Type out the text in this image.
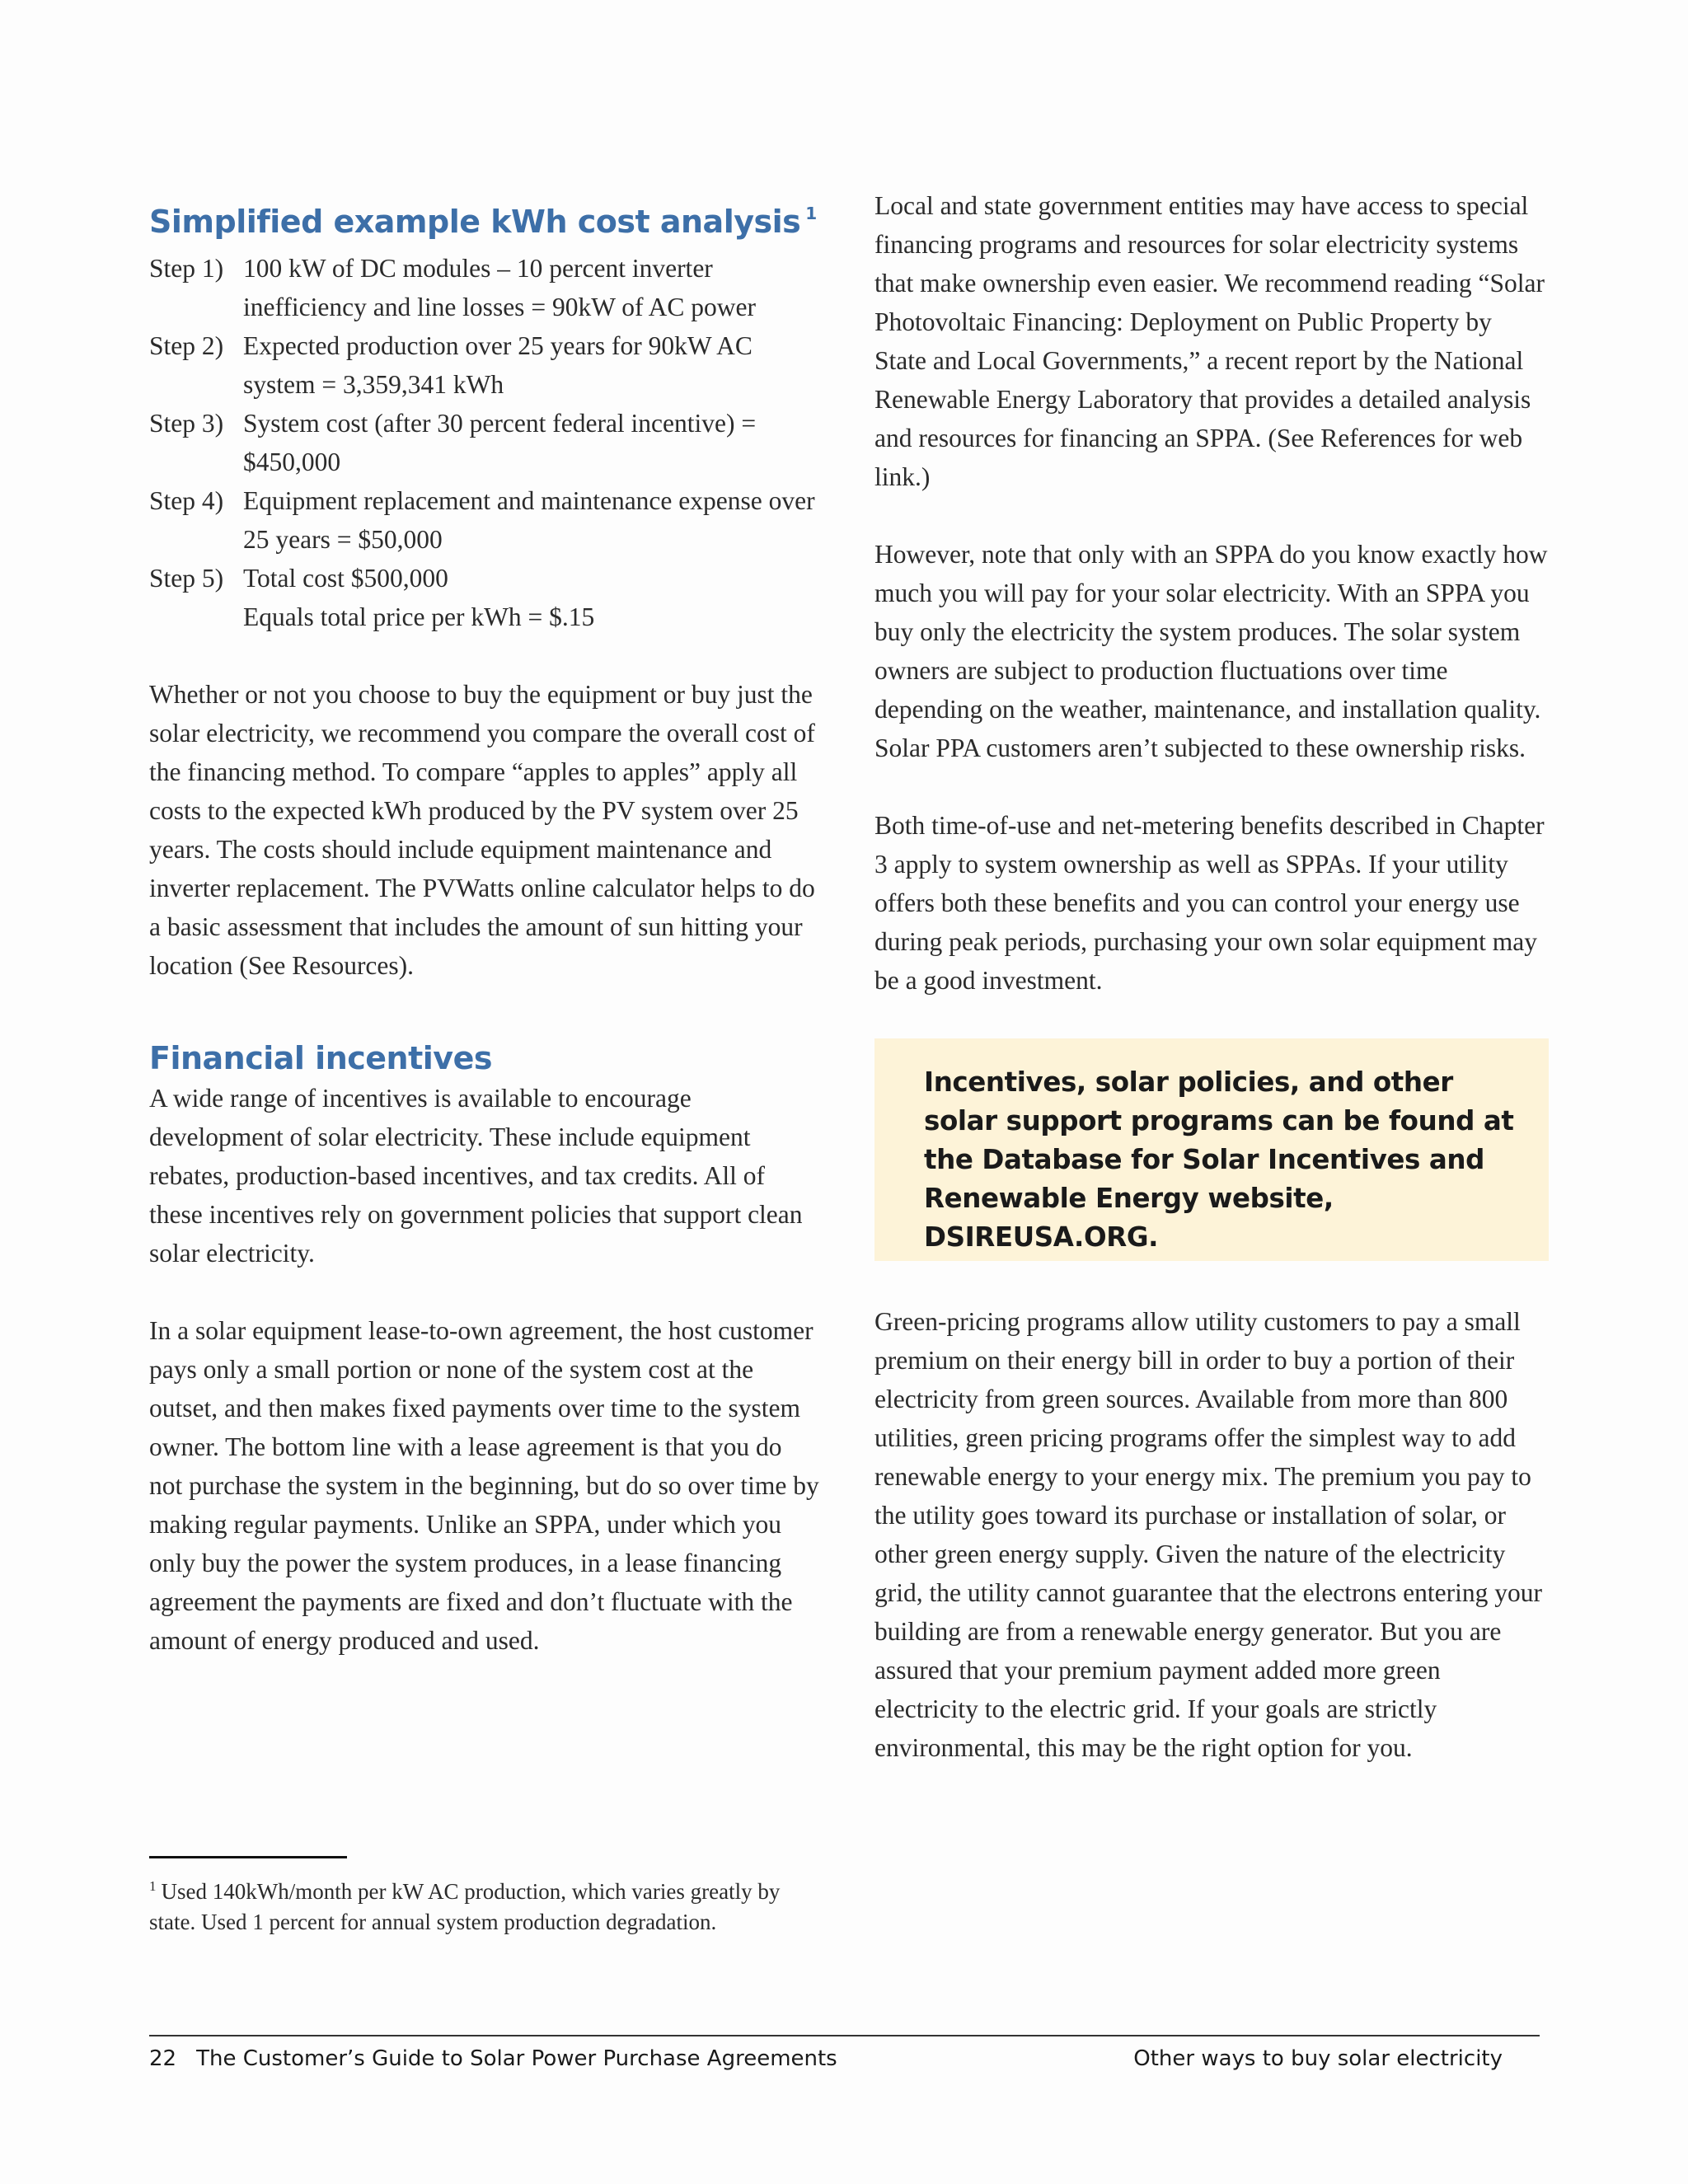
Simplified example kWh cost analysis $^1$
Step 1) 100 kW of DC modules – 10 percent inverter inefficiency and line losses = 90kW of AC power
Step 2) Expected production over 25 years for 90kW AC system = 3,359,341 kWh
Step 3) System cost (after 30 percent federal incentive) = $450,000
Step 4) Equipment replacement and maintenance expense over 25 years = $50,000
Step 5) Total cost $500,000
Equals total price per kWh = $.15

Whether or not you choose to buy the equipment or buy just the solar electricity, we recommend you compare the overall cost of the financing method. To compare “apples to apples” apply all costs to the expected kWh produced by the PV system over 25 years. The costs should include equipment maintenance and inverter replacement. The PVWatts online calculator helps to do a basic assessment that includes the amount of sun hitting your location (See Resources).

Financial incentives

A wide range of incentives is available to encourage development of solar electricity. These include equipment rebates, production-based incentives, and tax credits. All of these incentives rely on government policies that support clean solar electricity.

In a solar equipment lease-to-own agreement, the host customer pays only a small portion or none of the system cost at the outset, and then makes fixed payments over time to the system owner. The bottom line with a lease agreement is that you do not purchase the system in the beginning, but do so over time by making regular payments. Unlike an SPPA, under which you only buy the power the system produces, in a lease financing agreement the payments are fixed and don’t fluctuate with the amount of energy produced and used.

Local and state government entities may have access to special financing programs and resources for solar electricity systems that make ownership even easier. We recommend reading “Solar Photovoltaic Financing: Deployment on Public Property by State and Local Governments,” a recent report by the National Renewable Energy Laboratory that provides a detailed analysis and resources for financing an SPPA. (See References for web link.)

However, note that only with an SPPA do you know exactly how much you will pay for your solar electricity. With an SPPA you buy only the electricity the system produces. The solar system owners are subject to production fluctuations over time depending on the weather, maintenance, and installation quality. Solar PPA customers aren’t subjected to these ownership risks.

Both time-of-use and net-metering benefits described in Chapter 3 apply to system ownership as well as SPPAs. If your utility offers both these benefits and you can control your energy use during peak periods, purchasing your own solar equipment may be a good investment.

Incentives, solar policies, and other solar support programs can be found at the Database for Solar Incentives and Renewable Energy website, DSIREUSA.ORG.

Green-pricing programs allow utility customers to pay a small premium on their energy bill in order to buy a portion of their electricity from green sources. Available from more than 800 utilities, green pricing programs offer the simplest way to add renewable energy to your energy mix. The premium you pay to the utility goes toward its purchase or installation of solar, or other green energy supply. Given the nature of the electricity grid, the utility cannot guarantee that the electrons entering your building are from a renewable energy generator. But you are assured that your premium payment added more green electricity to the electric grid. If your goals are strictly environmental, this may be the right option for you.

$^1$ Used 140kWh/month per kW AC production, which varies greatly by state. Used 1 percent for annual system production degradation.
22 The Customer’s Guide to Solar Power Purchase Agreements	Other ways to buy solar electricity
